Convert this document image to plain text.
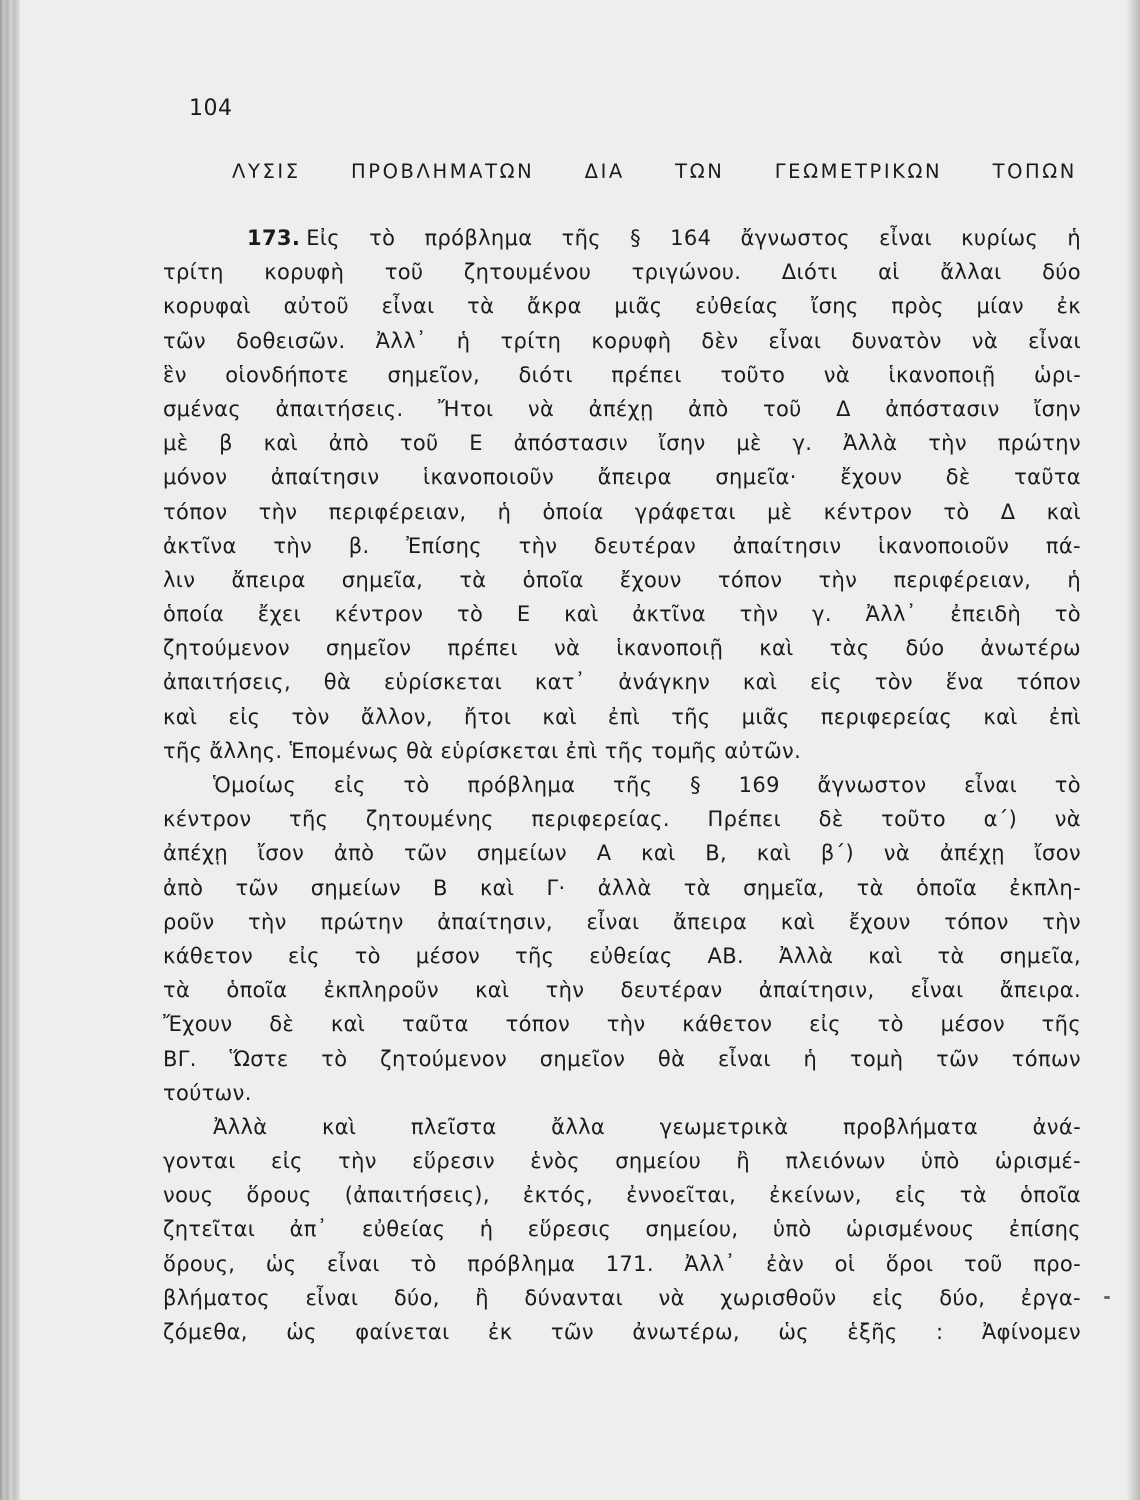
104
ΛΥΣΙΣ ΠΡΟΒΛΗΜΑΤΩΝ ΔΙΑ ΤΩΝ ΓΕΩΜΕΤΡΙΚΩΝ ΤΟΠΩΝ
173. Εἰς τὸ πρόβλημα τῆς § 164 ἄγνωστος εἶναι κυρίως ἡ
τρίτη κορυφὴ τοῦ ζητουμένου τριγώνου. Διότι αἱ ἄλλαι δύο
κορυφαὶ αὐτοῦ εἶναι τὰ ἄκρα μιᾶς εὐθείας ἴσης πρὸς μίαν ἐκ
τῶν δοθεισῶν. Ἀλλ᾽ ἡ τρίτη κορυφὴ δὲν εἶναι δυνατὸν νὰ εἶναι
ἓν οἱονδήποτε σημεῖον, διότι πρέπει τοῦτο νὰ ἱκανοποιῇ ὡρι-
σμένας ἀπαιτήσεις. Ἤτοι νὰ ἀπέχῃ ἀπὸ τοῦ Δ ἀπόστασιν ἴσην
μὲ β καὶ ἀπὸ τοῦ Ε ἀπόστασιν ἴσην μὲ γ. Ἀλλὰ τὴν πρώτην
μόνον ἀπαίτησιν ἱκανοποιοῦν ἄπειρα σημεῖα· ἔχουν δὲ ταῦτα
τόπον τὴν περιφέρειαν, ἡ ὁποία γράφεται μὲ κέντρον τὸ Δ καὶ
ἀκτῖνα τὴν β. Ἐπίσης τὴν δευτέραν ἀπαίτησιν ἱκανοποιοῦν πά-
λιν ἄπειρα σημεῖα, τὰ ὁποῖα ἔχουν τόπον τὴν περιφέρειαν, ἡ
ὁποία ἔχει κέντρον τὸ Ε καὶ ἀκτῖνα τὴν γ. Ἀλλ᾽ ἐπειδὴ τὸ
ζητούμενον σημεῖον πρέπει νὰ ἱκανοποιῇ καὶ τὰς δύο ἀνωτέρω
ἀπαιτήσεις, θὰ εὑρίσκεται κατ᾽ ἀνάγκην καὶ εἰς τὸν ἕνα τόπον
καὶ εἰς τὸν ἄλλον, ἤτοι καὶ ἐπὶ τῆς μιᾶς περιφερείας καὶ ἐπὶ
τῆς ἄλλης. Ἑπομένως θὰ εὑρίσκεται ἐπὶ τῆς τομῆς αὐτῶν.
Ὁμοίως εἰς τὸ πρόβλημα τῆς § 169 ἄγνωστον εἶναι τὸ
κέντρον τῆς ζητουμένης περιφερείας. Πρέπει δὲ τοῦτο α΄) νὰ
ἀπέχῃ ἴσον ἀπὸ τῶν σημείων Α καὶ Β, καὶ β΄) νὰ ἀπέχῃ ἴσον
ἀπὸ τῶν σημείων Β καὶ Γ· ἀλλὰ τὰ σημεῖα, τὰ ὁποῖα ἐκπλη-
ροῦν τὴν πρώτην ἀπαίτησιν, εἶναι ἄπειρα καὶ ἔχουν τόπον τὴν
κάθετον εἰς τὸ μέσον τῆς εὐθείας ΑΒ. Ἀλλὰ καὶ τὰ σημεῖα,
τὰ ὁποῖα ἐκπληροῦν καὶ τὴν δευτέραν ἀπαίτησιν, εἶναι ἄπειρα.
Ἔχουν δὲ καὶ ταῦτα τόπον τὴν κάθετον εἰς τὸ μέσον τῆς
ΒΓ. Ὥστε τὸ ζητούμενον σημεῖον θὰ εἶναι ἡ τομὴ τῶν τόπων
τούτων.
Ἀλλὰ καὶ πλεῖστα ἄλλα γεωμετρικὰ προβλήματα ἀνά-
γονται εἰς τὴν εὕρεσιν ἑνὸς σημείου ἢ πλειόνων ὑπὸ ὡρισμέ-
νους ὅρους (ἀπαιτήσεις), ἐκτός, ἐννοεῖται, ἐκείνων, εἰς τὰ ὁποῖα
ζητεῖται ἀπ᾽ εὐθείας ἡ εὕρεσις σημείου, ὑπὸ ὡρισμένους ἐπίσης
ὅρους, ὡς εἶναι τὸ πρόβλημα 171. Ἀλλ᾽ ἐὰν οἱ ὅροι τοῦ προ-
βλήματος εἶναι δύο, ἢ δύνανται νὰ χωρισθοῦν εἰς δύο, ἐργα-
ζόμεθα, ὡς φαίνεται ἐκ τῶν ἀνωτέρω, ὡς ἑξῆς : Ἀφίνομεν
